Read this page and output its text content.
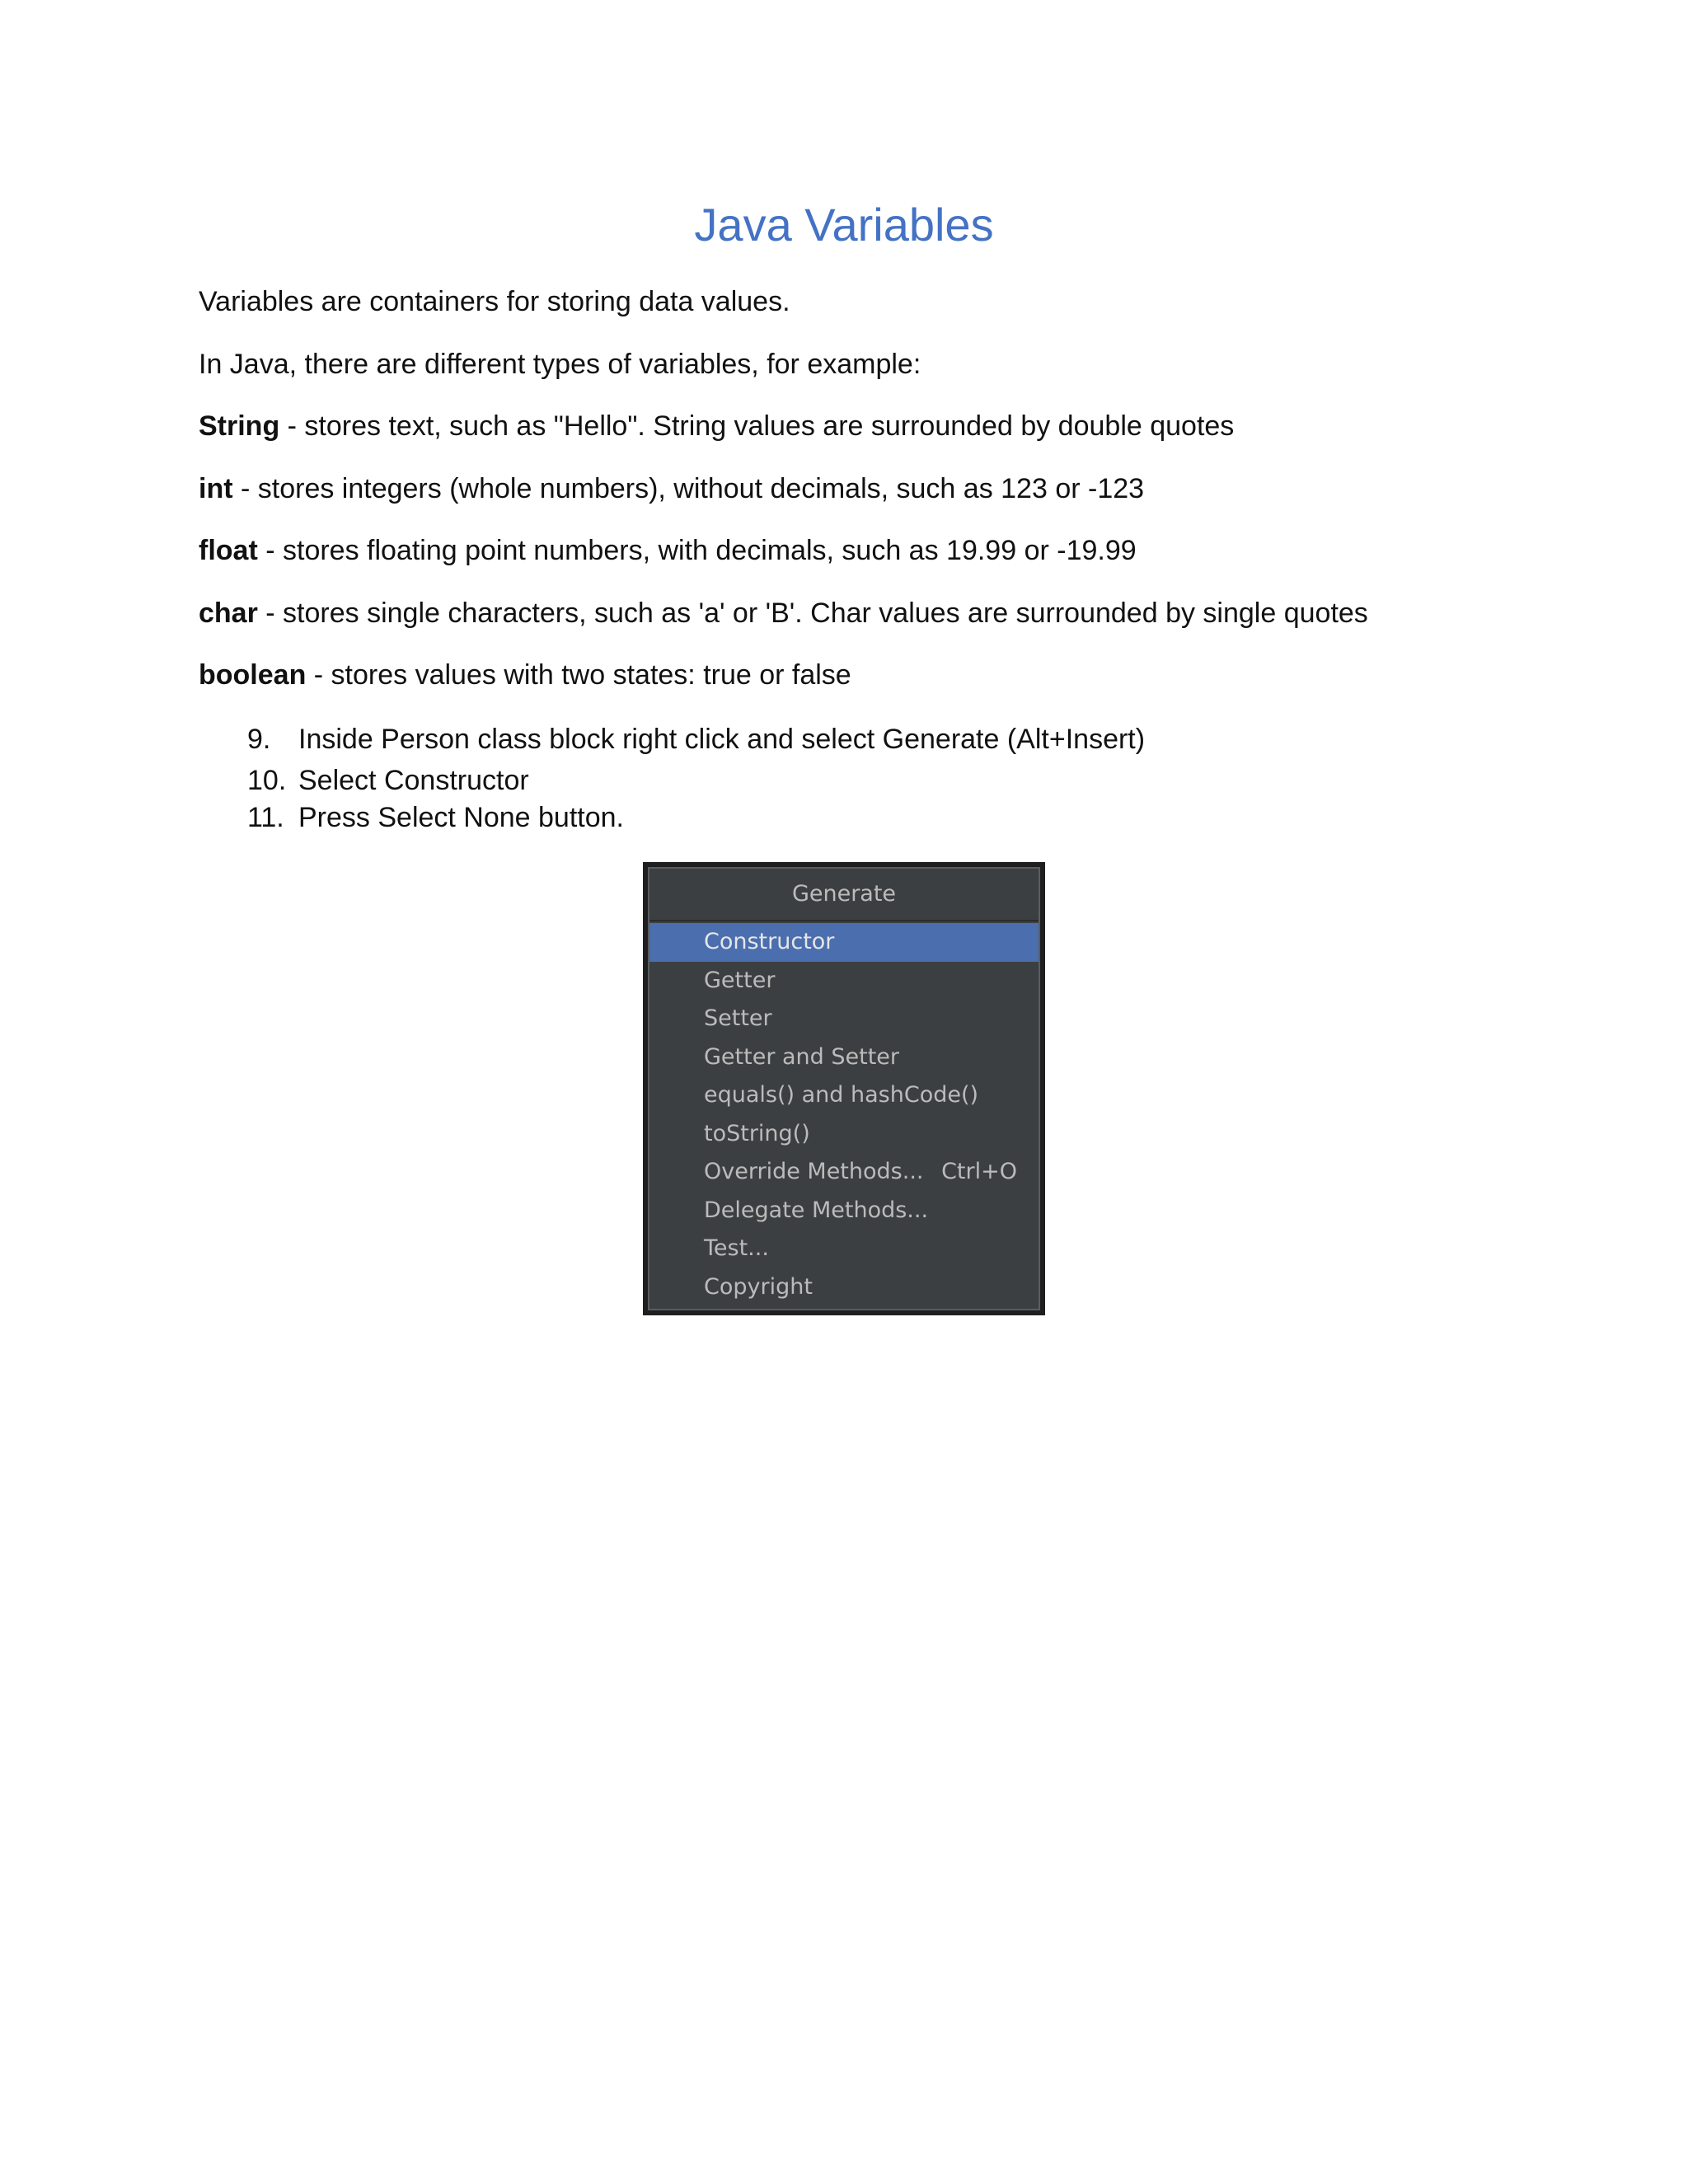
Java Variables

Variables are containers for storing data values.

In Java, there are different types of variables, for example:

String - stores text, such as "Hello". String values are surrounded by double quotes

int - stores integers (whole numbers), without decimals, such as 123 or -123

float - stores floating point numbers, with decimals, such as 19.99 or -19.99

char - stores single characters, such as 'a' or 'B'. Char values are surrounded by single quotes

boolean - stores values with two states: true or false

9. Inside Person class block right click and select Generate (Alt+Insert)
10. Select Constructor
11. Press Select None button.
Generate
Constructor
Getter
Setter
Getter and Setter
equals() and hashCode()
toString()
Override Methods... Ctrl+O
Delegate Methods...
Test...
Copyright
